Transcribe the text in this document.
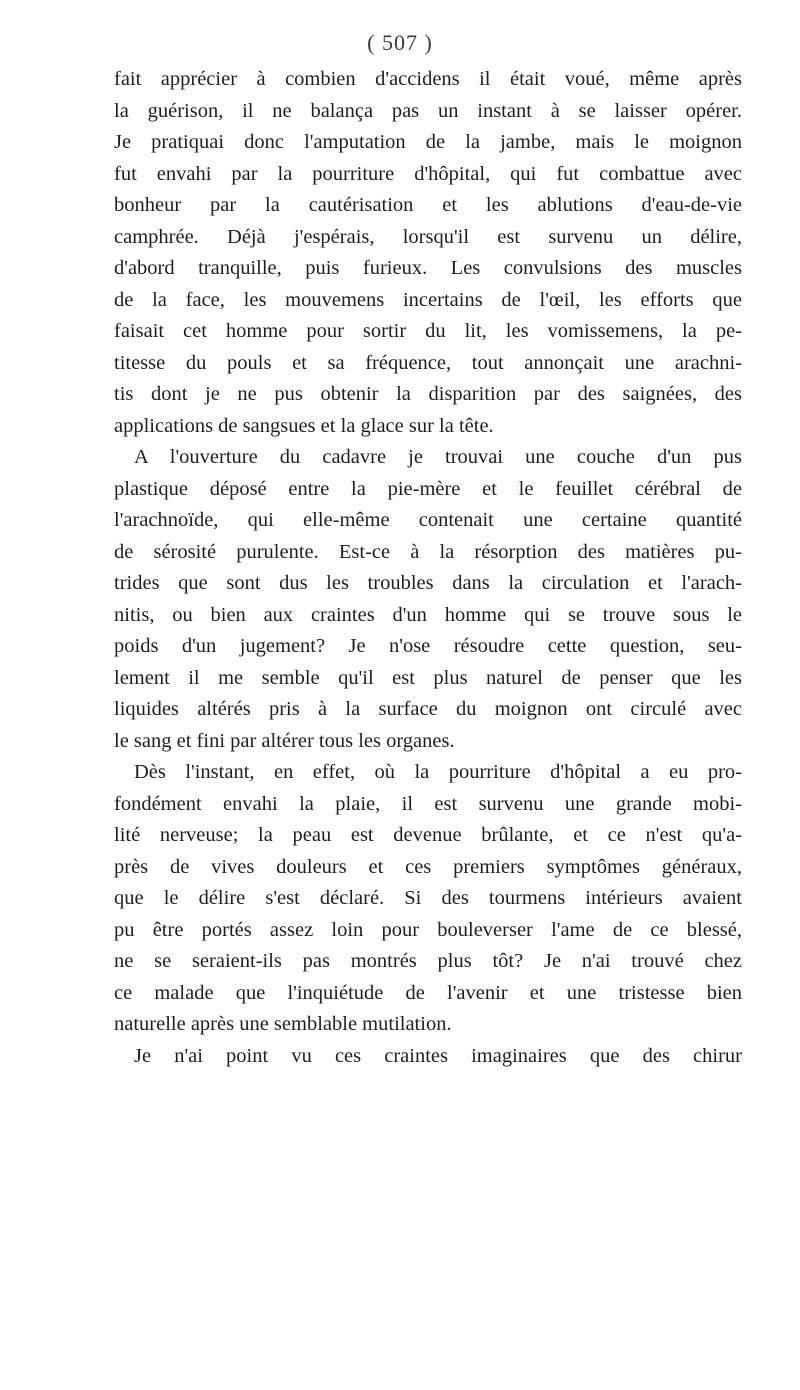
( 507 )
fait apprécier à combien d'accidens il était voué, même après
la guérison, il ne balança pas un instant à se laisser opérer.
Je pratiquai donc l'amputation de la jambe, mais le moignon
fut envahi par la pourriture d'hôpital, qui fut combattue avec
bonheur par la cautérisation et les ablutions d'eau-de-vie
camphrée. Déjà j'espérais, lorsqu'il est survenu un délire,
d'abord tranquille, puis furieux. Les convulsions des muscles
de la face, les mouvemens incertains de l'œil, les efforts que
faisait cet homme pour sortir du lit, les vomissemens, la pe-
titesse du pouls et sa fréquence, tout annonçait une arachni-
tis dont je ne pus obtenir la disparition par des saignées, des
applications de sangsues et la glace sur la tête.
A l'ouverture du cadavre je trouvai une couche d'un pus
plastique déposé entre la pie-mère et le feuillet cérébral de
l'arachnoïde, qui elle-même contenait une certaine quantité
de sérosité purulente. Est-ce à la résorption des matières pu-
trides que sont dus les troubles dans la circulation et l'arach-
nitis, ou bien aux craintes d'un homme qui se trouve sous le
poids d'un jugement? Je n'ose résoudre cette question, seu-
lement il me semble qu'il est plus naturel de penser que les
liquides altérés pris à la surface du moignon ont circulé avec
le sang et fini par altérer tous les organes.
Dès l'instant, en effet, où la pourriture d'hôpital a eu pro-
fondément envahi la plaie, il est survenu une grande mobi-
lité nerveuse; la peau est devenue brûlante, et ce n'est qu'a-
près de vives douleurs et ces premiers symptômes généraux,
que le délire s'est déclaré. Si des tourmens intérieurs avaient
pu être portés assez loin pour bouleverser l'ame de ce blessé,
ne se seraient-ils pas montrés plus tôt? Je n'ai trouvé chez
ce malade que l'inquiétude de l'avenir et une tristesse bien
naturelle après une semblable mutilation.
Je n'ai point vu ces craintes imaginaires que des chirur
